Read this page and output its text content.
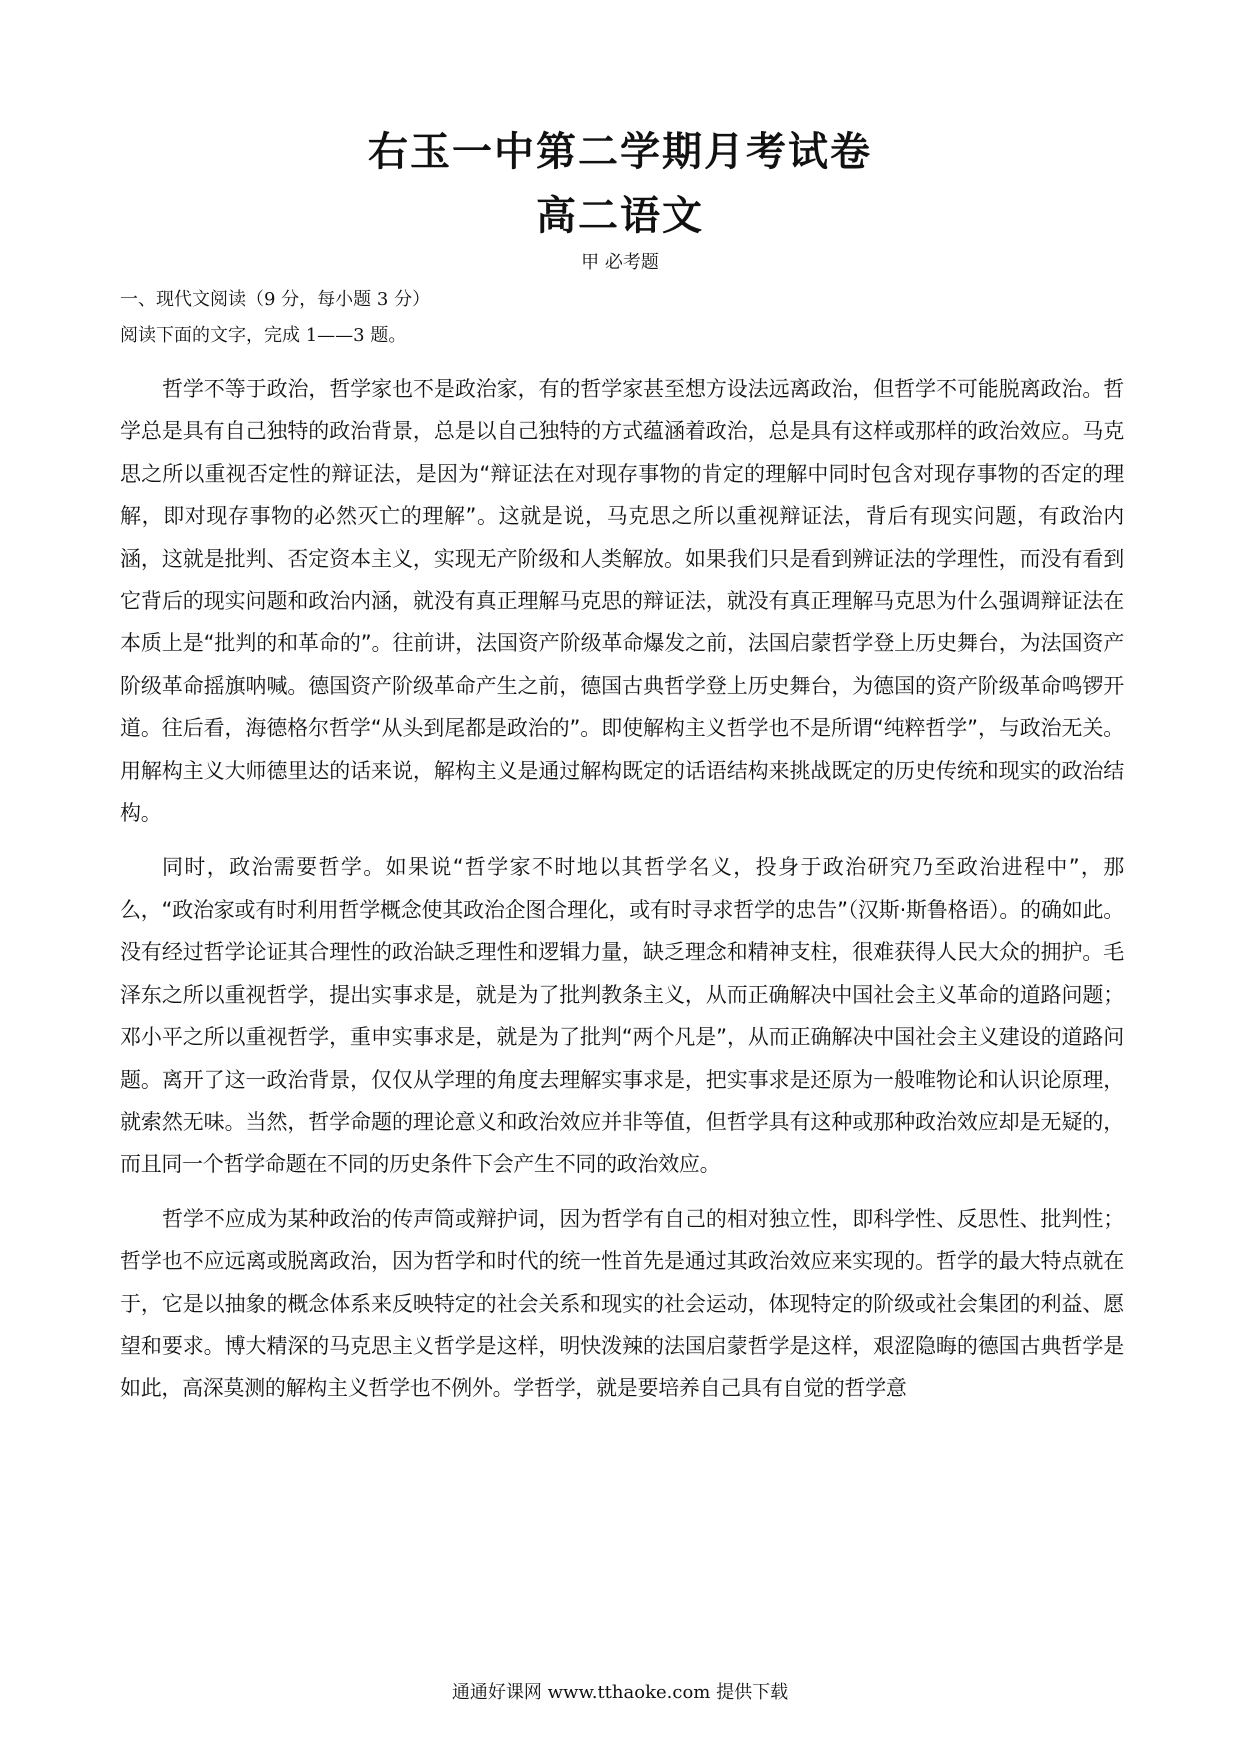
右玉一中第二学期月考试卷
高二语文
甲 必考题
一、现代文阅读（9 分，每小题 3 分）
阅读下面的文字，完成 1——3 题。

哲学不等于政治，哲学家也不是政治家，有的哲学家甚至想方设法远离政治，但哲学不可能脱离政治。哲学总是具有自己独特的政治背景，总是以自己独特的方式蕴涵着政治，总是具有这样或那样的政治效应。马克思之所以重视否定性的辩证法，是因为“辩证法在对现存事物的肯定的理解中同时包含对现存事物的否定的理解，即对现存事物的必然灭亡的理解”。这就是说，马克思之所以重视辩证法，背后有现实问题，有政治内涵，这就是批判、否定资本主义，实现无产阶级和人类解放。如果我们只是看到辨证法的学理性，而没有看到它背后的现实问题和政治内涵，就没有真正理解马克思的辩证法，就没有真正理解马克思为什么强调辩证法在本质上是“批判的和革命的”。往前讲，法国资产阶级革命爆发之前，法国启蒙哲学登上历史舞台，为法国资产阶级革命摇旗呐喊。德国资产阶级革命产生之前，德国古典哲学登上历史舞台，为德国的资产阶级革命鸣锣开道。往后看，海德格尔哲学“从头到尾都是政治的”。即使解构主义哲学也不是所谓“纯粹哲学”，与政治无关。用解构主义大师德里达的话来说，解构主义是通过解构既定的话语结构来挑战既定的历史传统和现实的政治结构。

同时，政治需要哲学。如果说“哲学家不时地以其哲学名义，投身于政治研究乃至政治进程中”，那么，“政治家或有时利用哲学概念使其政治企图合理化，或有时寻求哲学的忠告”（汉斯·斯鲁格语）。的确如此。没有经过哲学论证其合理性的政治缺乏理性和逻辑力量，缺乏理念和精神支柱，很难获得人民大众的拥护。毛泽东之所以重视哲学，提出实事求是，就是为了批判教条主义，从而正确解决中国社会主义革命的道路问题；邓小平之所以重视哲学，重申实事求是，就是为了批判“两个凡是”，从而正确解决中国社会主义建设的道路问题。离开了这一政治背景，仅仅从学理的角度去理解实事求是，把实事求是还原为一般唯物论和认识论原理，就索然无味。当然，哲学命题的理论意义和政治效应并非等值，但哲学具有这种或那种政治效应却是无疑的，而且同一个哲学命题在不同的历史条件下会产生不同的政治效应。

哲学不应成为某种政治的传声筒或辩护词，因为哲学有自己的相对独立性，即科学性、反思性、批判性；哲学也不应远离或脱离政治，因为哲学和时代的统一性首先是通过其政治效应来实现的。哲学的最大特点就在于，它是以抽象的概念体系来反映特定的社会关系和现实的社会运动，体现特定的阶级或社会集团的利益、愿望和要求。博大精深的马克思主义哲学是这样，明快泼辣的法国启蒙哲学是这样，艰涩隐晦的德国古典哲学是如此，高深莫测的解构主义哲学也不例外。学哲学，就是要培养自己具有自觉的哲学意

通通好课网 www.tthaoke.com 提供下载
